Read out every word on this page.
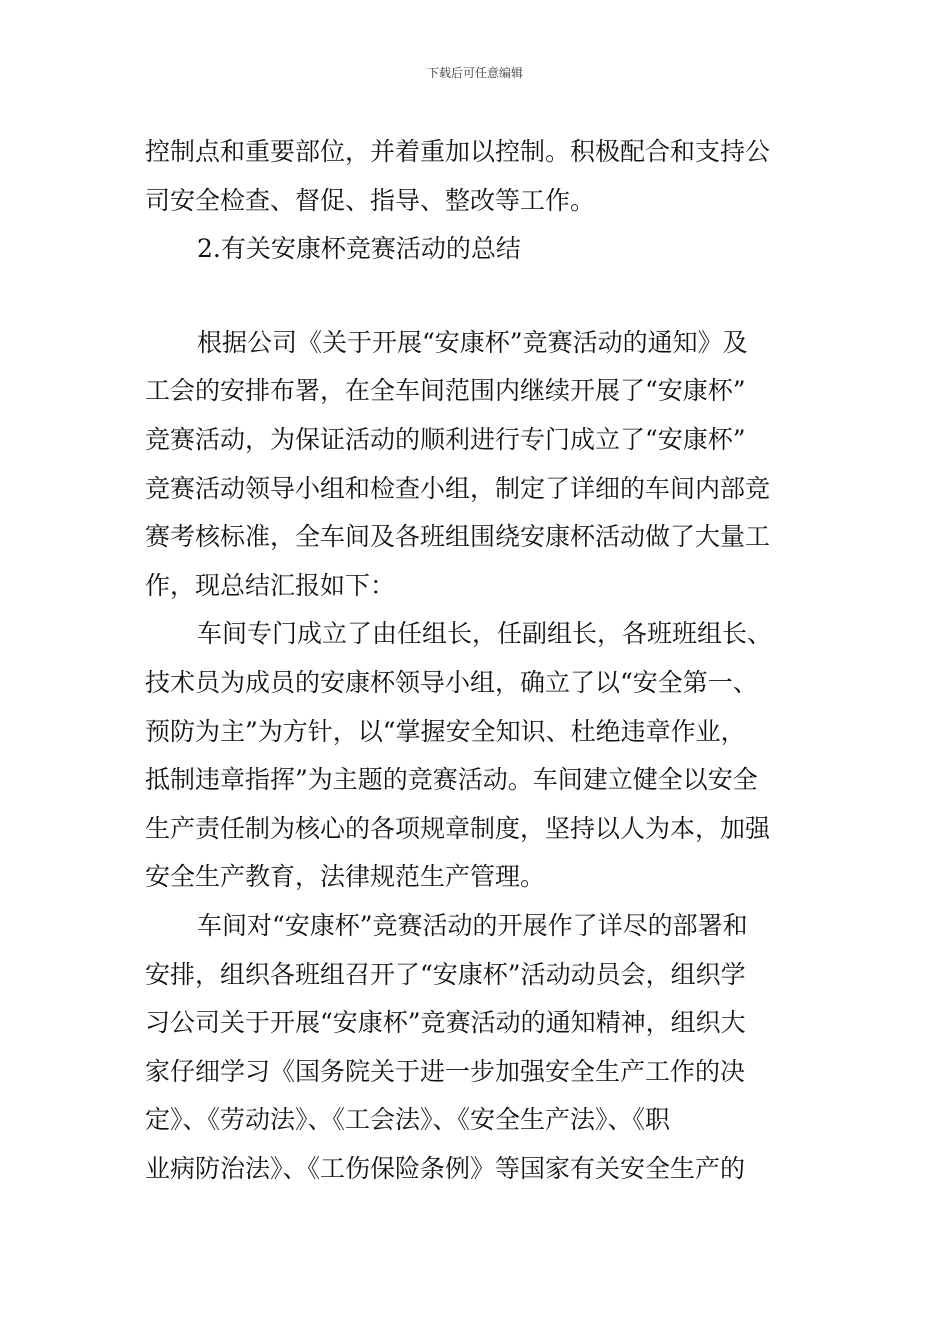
下载后可任意编辑
控制点和重要部位，并着重加以控制。积极配合和支持公
司安全检查、督促、指导、整改等工作。
2.有关安康杯竞赛活动的总结
根据公司《关于开展“安康杯”竞赛活动的通知》及
工会的安排布署，在全车间范围内继续开展了“安康杯”
竞赛活动，为保证活动的顺利进行专门成立了“安康杯”
竞赛活动领导小组和检查小组，制定了详细的车间内部竞
赛考核标准，全车间及各班组围绕安康杯活动做了大量工
作，现总结汇报如下：
车间专门成立了由任组长，任副组长，各班班组长、
技术员为成员的安康杯领导小组，确立了以“安全第一、
预防为主”为方针，以“掌握安全知识、杜绝违章作业，
抵制违章指挥”为主题的竞赛活动。车间建立健全以安全
生产责任制为核心的各项规章制度，坚持以人为本，加强
安全生产教育，法律规范生产管理。
车间对“安康杯”竞赛活动的开展作了详尽的部署和
安排，组织各班组召开了“安康杯”活动动员会，组织学
习公司关于开展“安康杯”竞赛活动的通知精神，组织大
家仔细学习《国务院关于进一步加强安全生产工作的决
定》、《劳动法》、《工会法》、《安全生产法》、《职
业病防治法》、《工伤保险条例》等国家有关安全生产的
